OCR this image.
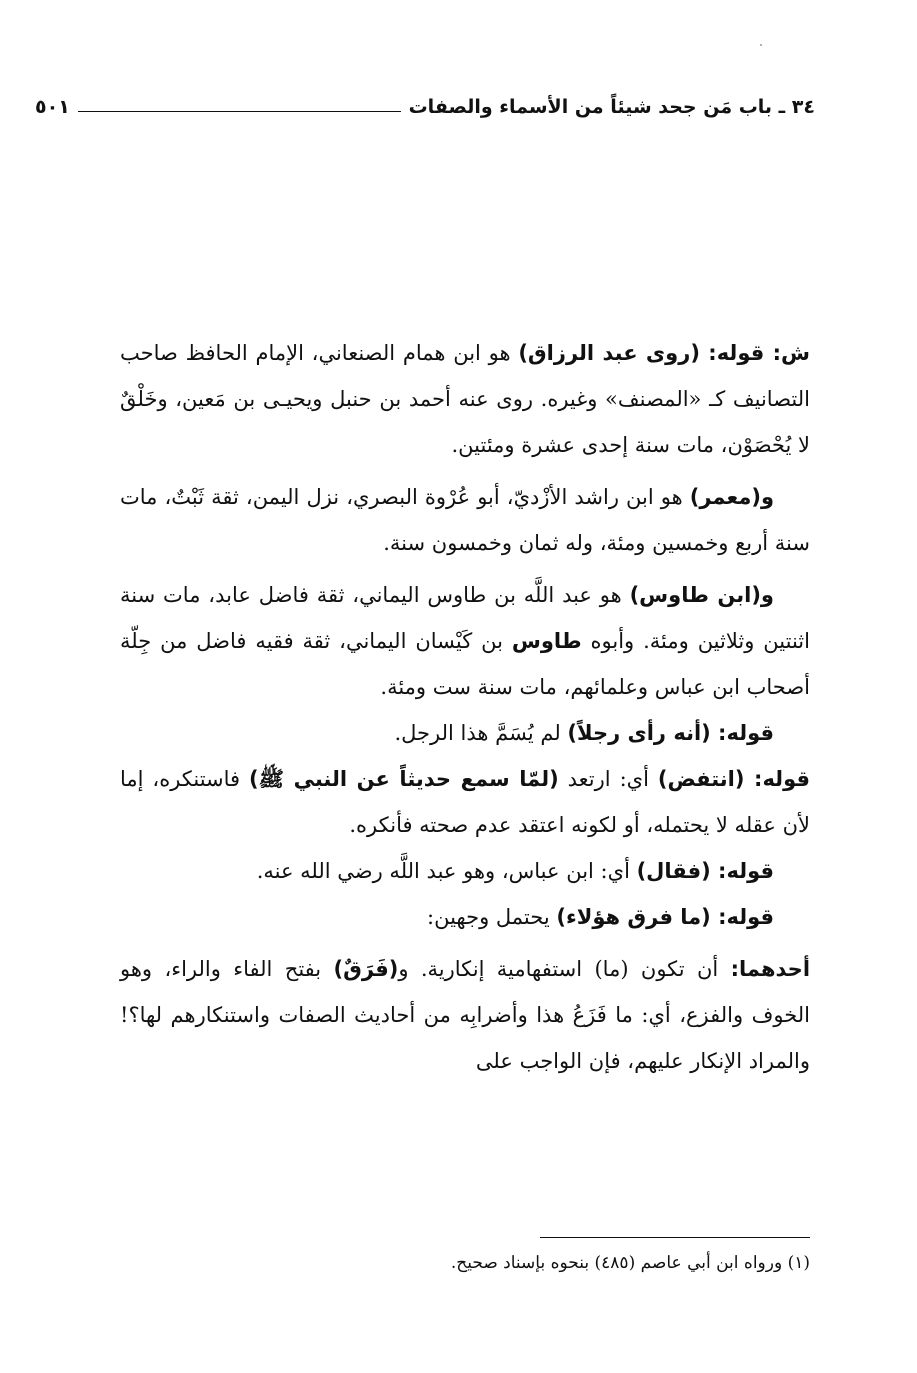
٣٤ ـ باب مَن جحد شيئاً من الأسماء والصفات
٥٠١

ش: قوله: (روى عبد الرزاق) هو ابن همام الصنعاني، الإمام الحافظ صاحب التصانيف كـ «المصنف» وغيره. روى عنه أحمد بن حنبل ويحيـى بن مَعين، وخَلْقٌ لا يُحْصَوْن، مات سنة إحدى عشرة ومئتين.

و(معمر) هو ابن راشد الأزْديّ، أبو عُرْوة البصري، نزل اليمن، ثقة ثَبْتٌ، مات سنة أربع وخمسين ومئة، وله ثمان وخمسون سنة.

و(ابن طاوس) هو عبد اللَّه بن طاوس اليماني، ثقة فاضل عابد، مات سنة اثنتين وثلاثين ومئة. وأبوه طاوس بن كَيْسان اليماني، ثقة فقيه فاضل من جِلّة أصحاب ابن عباس وعلمائهم، مات سنة ست ومئة.

قوله: (أنه رأى رجلاً) لم يُسَمَّ هذا الرجل.

قوله: (انتفض) أي: ارتعد (لمّا سمع حديثاً عن النبي ﷺ) فاستنكره، إما لأن عقله لا يحتمله، أو لكونه اعتقد عدم صحته فأنكره.

قوله: (فقال) أي: ابن عباس، وهو عبد اللَّه رضي الله عنه.

قوله: (ما فرق هؤلاء) يحتمل وجهين:

أحدهما: أن تكون (ما) استفهامية إنكارية. و(فَرَقٌ) بفتح الفاء والراء، وهو الخوف والفزع، أي: ما فَزَعُ هذا وأضرابِه من أحاديث الصفات واستنكارهم لها؟! والمراد الإنكار عليهم، فإن الواجب على

(١) ورواه ابن أبي عاصم (٤٨٥) بنحوه بإسناد صحيح.
